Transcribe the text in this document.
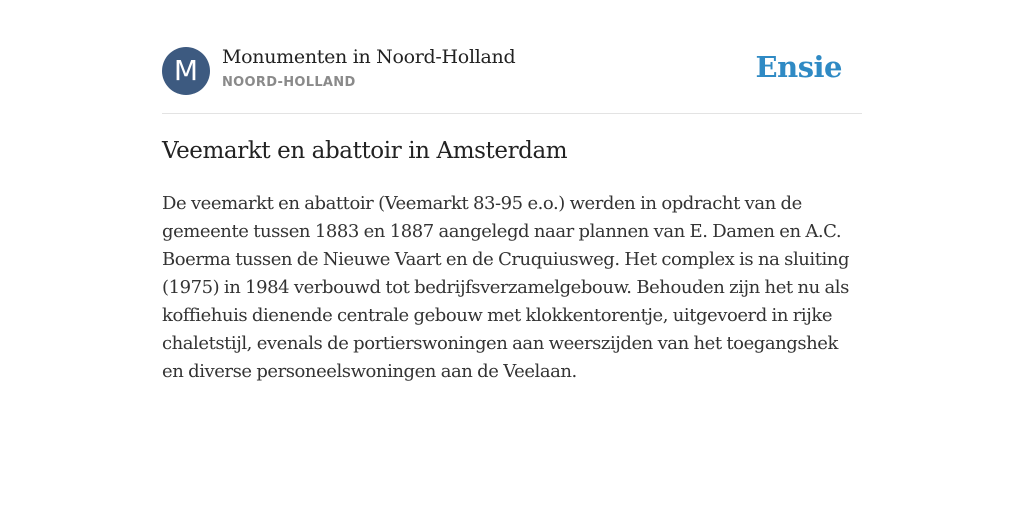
M	Monumenten in Noord-Holland
NOORD-HOLLAND	Ensie
Veemarkt en abattoir in Amsterdam

De veemarkt en abattoir (Veemarkt 83-95 e.o.) werden in opdracht van de gemeente tussen 1883 en 1887 aangelegd naar plannen van E. Damen en A.C. Boerma tussen de Nieuwe Vaart en de Cruquiusweg. Het complex is na sluiting (1975) in 1984 verbouwd tot bedrijfsverzamelgebouw. Behouden zijn het nu als koffiehuis dienende centrale gebouw met klokkentorentje, uitgevoerd in rijke chaletstijl, evenals de portierswoningen aan weerszijden van het toegangshek en diverse personeelswoningen aan de Veelaan.
